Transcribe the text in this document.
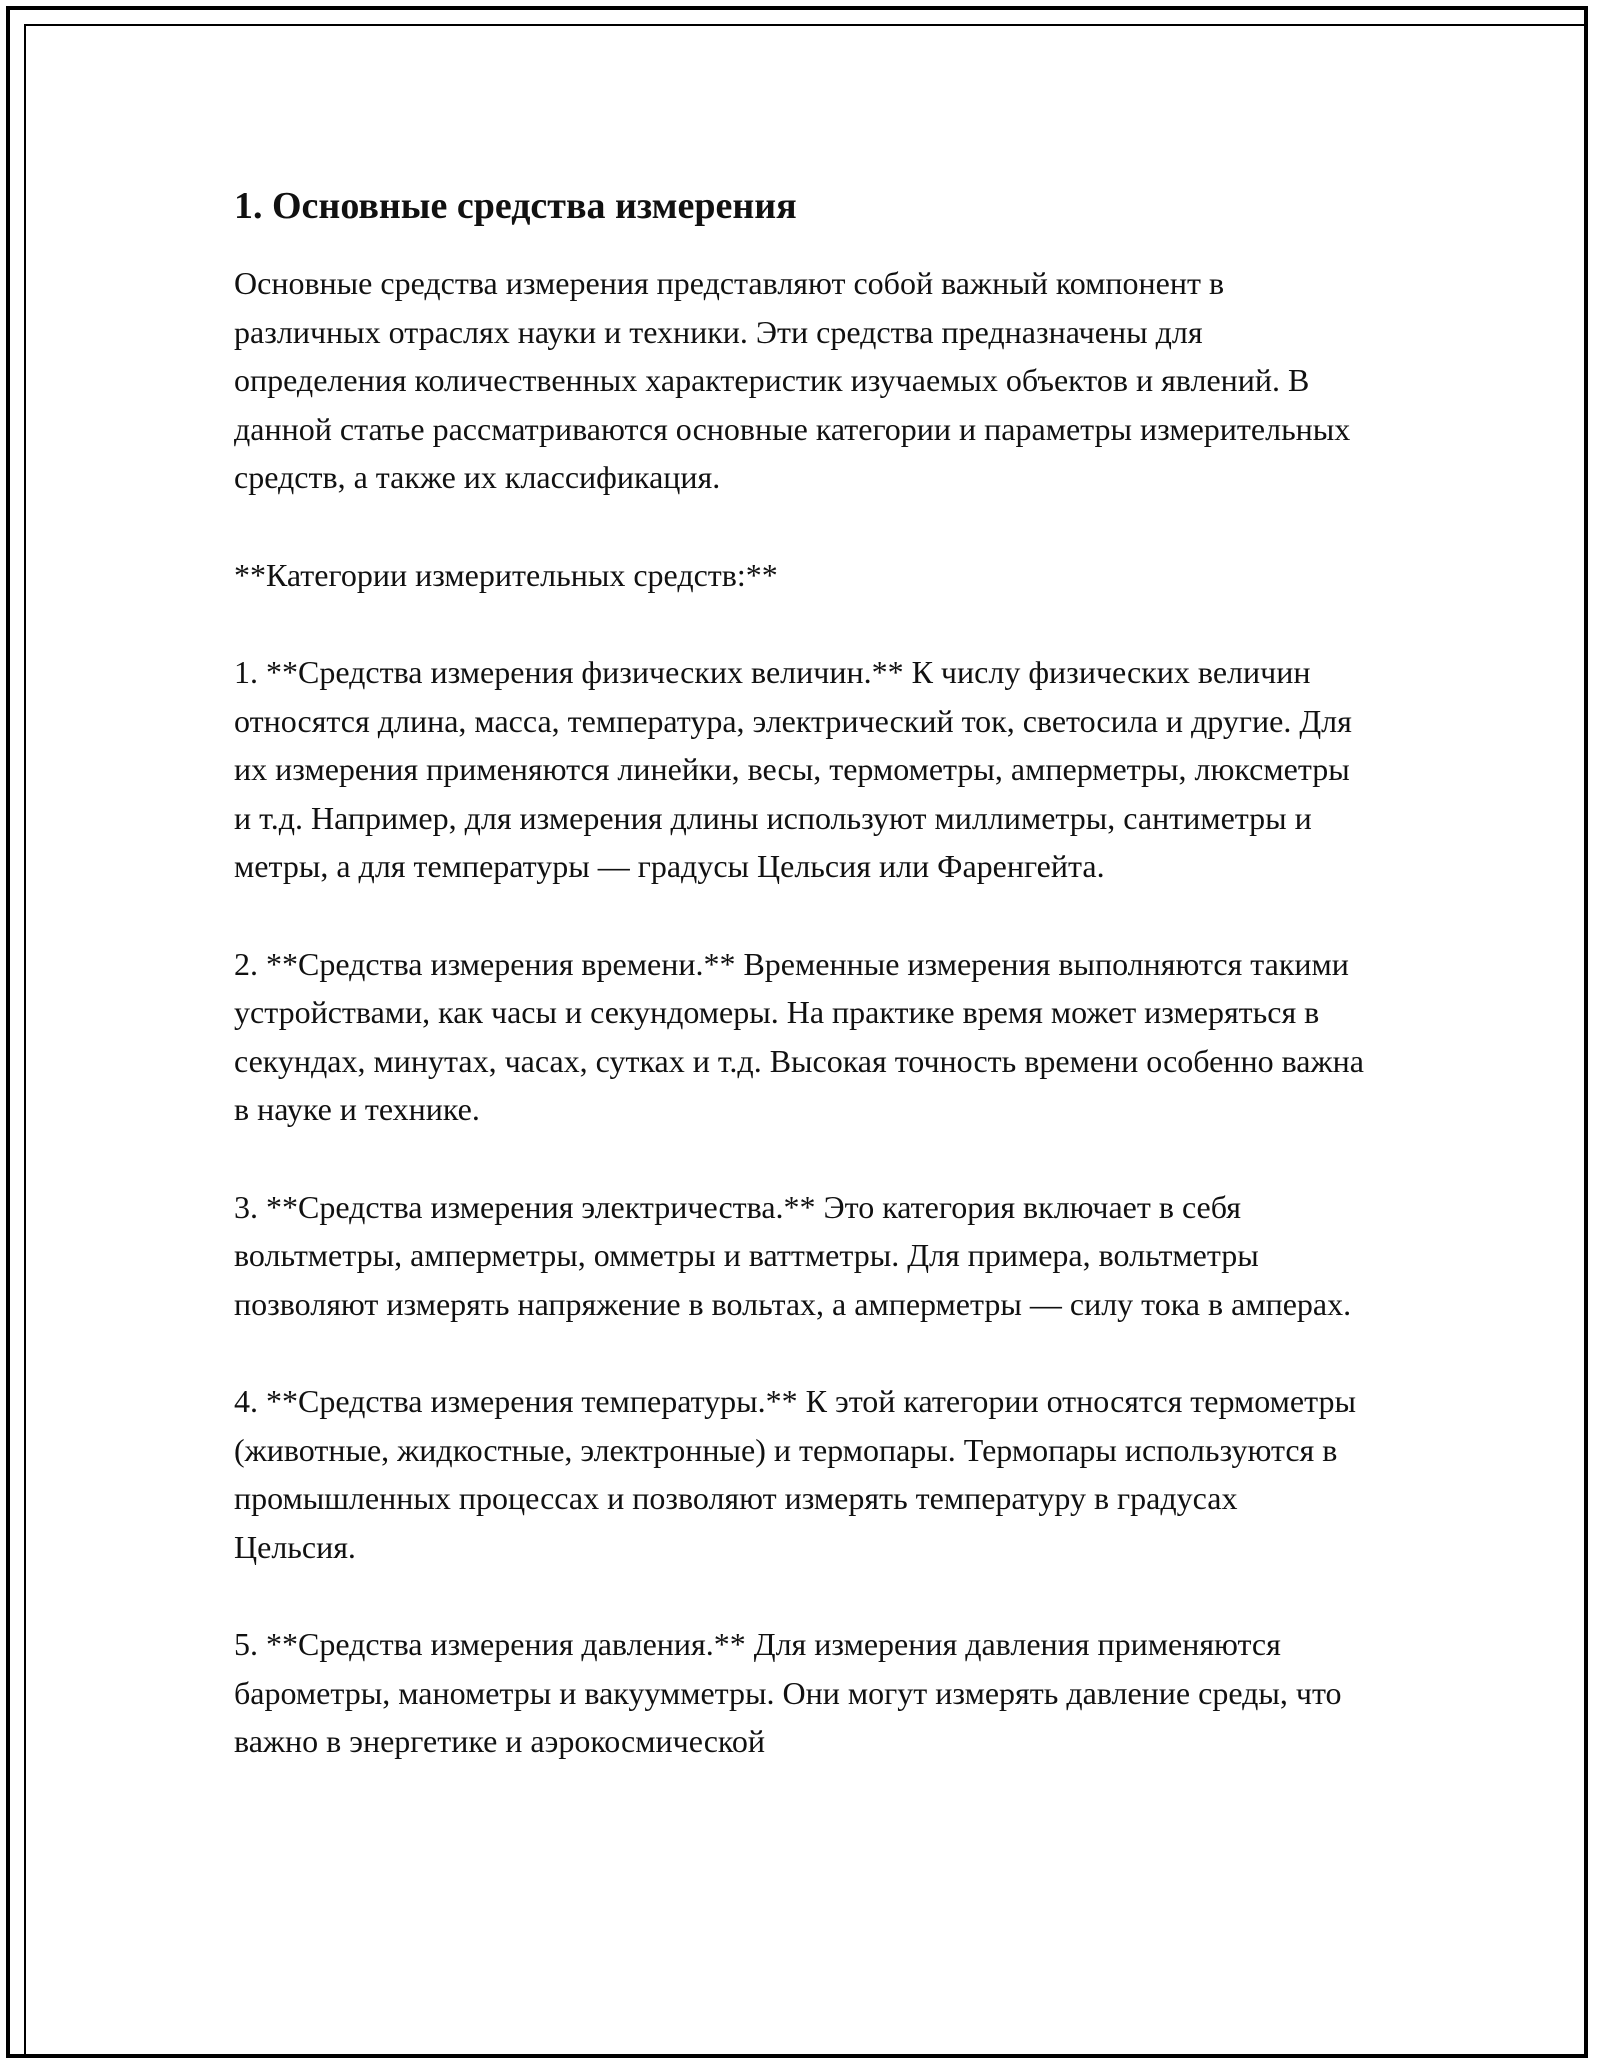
1. Основные средства измерения

Основные средства измерения представляют собой важный компонент в различных отраслях науки и техники. Эти средства предназначены для определения количественных характеристик изучаемых объектов и явлений. В данной статье рассматриваются основные категории и параметры измерительных средств, а также их классификация.

**Категории измерительных средств:**

1. **Средства измерения физических величин.** К числу физических величин относятся длина, масса, температура, электрический ток, светосила и другие. Для их измерения применяются линейки, весы, термометры, амперметры, люксметры и т.д. Например, для измерения длины используют миллиметры, сантиметры и метры, а для температуры — градусы Цельсия или Фаренгейта.

2. **Средства измерения времени.** Временные измерения выполняются такими устройствами, как часы и секундомеры. На практике время может измеряться в секундах, минутах, часах, сутках и т.д. Высокая точность времени особенно важна в науке и технике.

3. **Средства измерения электричества.** Это категория включает в себя вольтметры, амперметры, омметры и ваттметры. Для примера, вольтметры позволяют измерять напряжение в вольтах, а амперметры — силу тока в амперах.

4. **Средства измерения температуры.** К этой категории относятся термометры (животные, жидкостные, электронные) и термопары. Термопары используются в промышленных процессах и позволяют измерять температуру в градусах Цельсия.

5. **Средства измерения давления.** Для измерения давления применяются барометры, манометры и вакуумметры. Они могут измерять давление среды, что важно в энергетике и аэрокосмической
